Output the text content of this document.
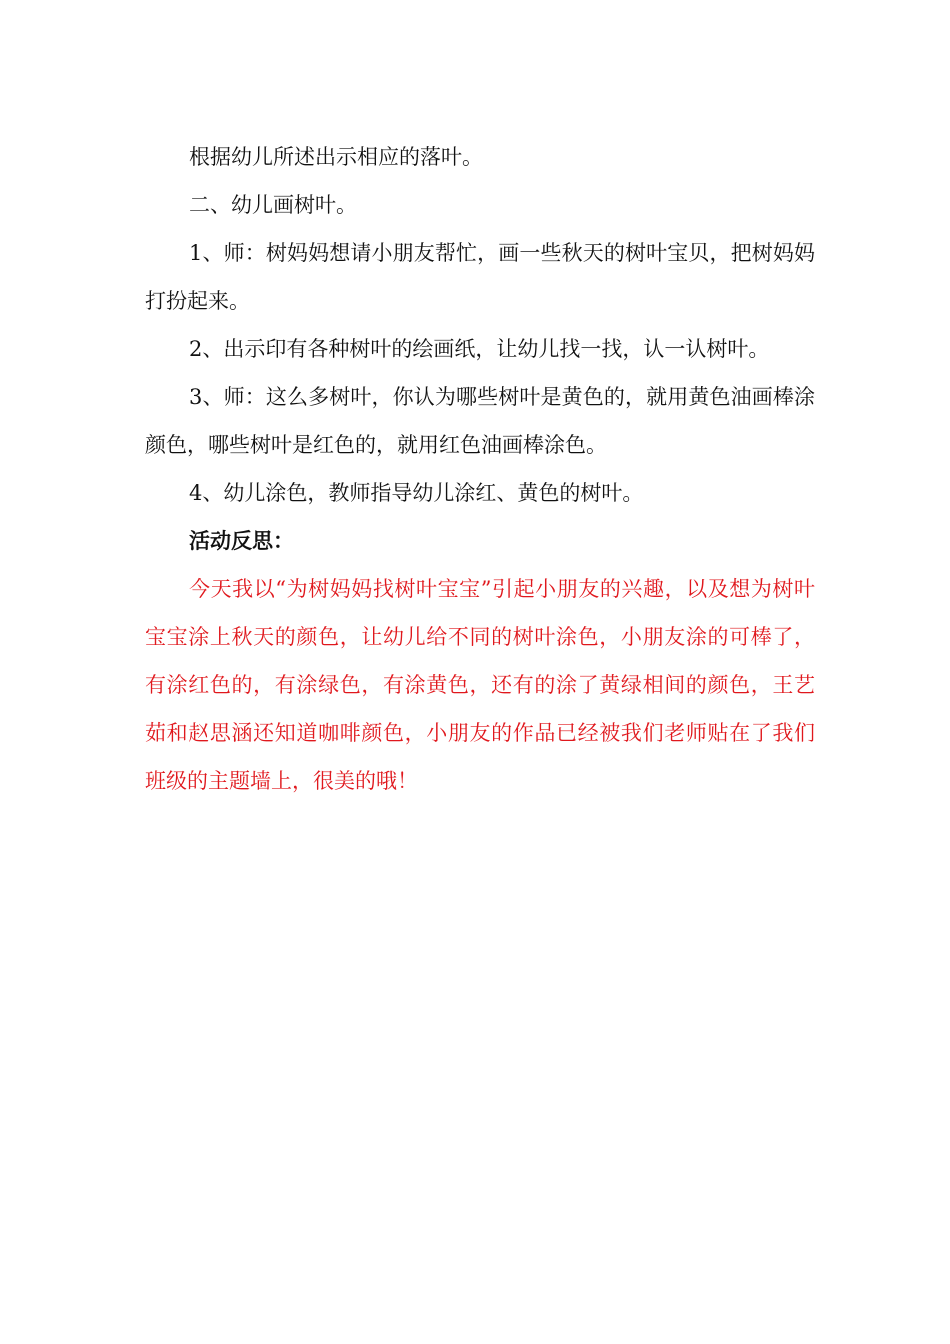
根据幼儿所述出示相应的落叶。

二、幼儿画树叶。

1、师：树妈妈想请小朋友帮忙，画一些秋天的树叶宝贝，把树妈妈打扮起来。

2、出示印有各种树叶的绘画纸，让幼儿找一找，认一认树叶。

3、师：这么多树叶，你认为哪些树叶是黄色的，就用黄色油画棒涂颜色，哪些树叶是红色的，就用红色油画棒涂色。

4、幼儿涂色，教师指导幼儿涂红、黄色的树叶。

活动反思：

今天我以“为树妈妈找树叶宝宝”引起小朋友的兴趣，以及想为树叶宝宝涂上秋天的颜色，让幼儿给不同的树叶涂色，小朋友涂的可棒了，有涂红色的，有涂绿色，有涂黄色，还有的涂了黄绿相间的颜色，王艺茹和赵思涵还知道咖啡颜色，小朋友的作品已经被我们老师贴在了我们班级的主题墙上，很美的哦！
